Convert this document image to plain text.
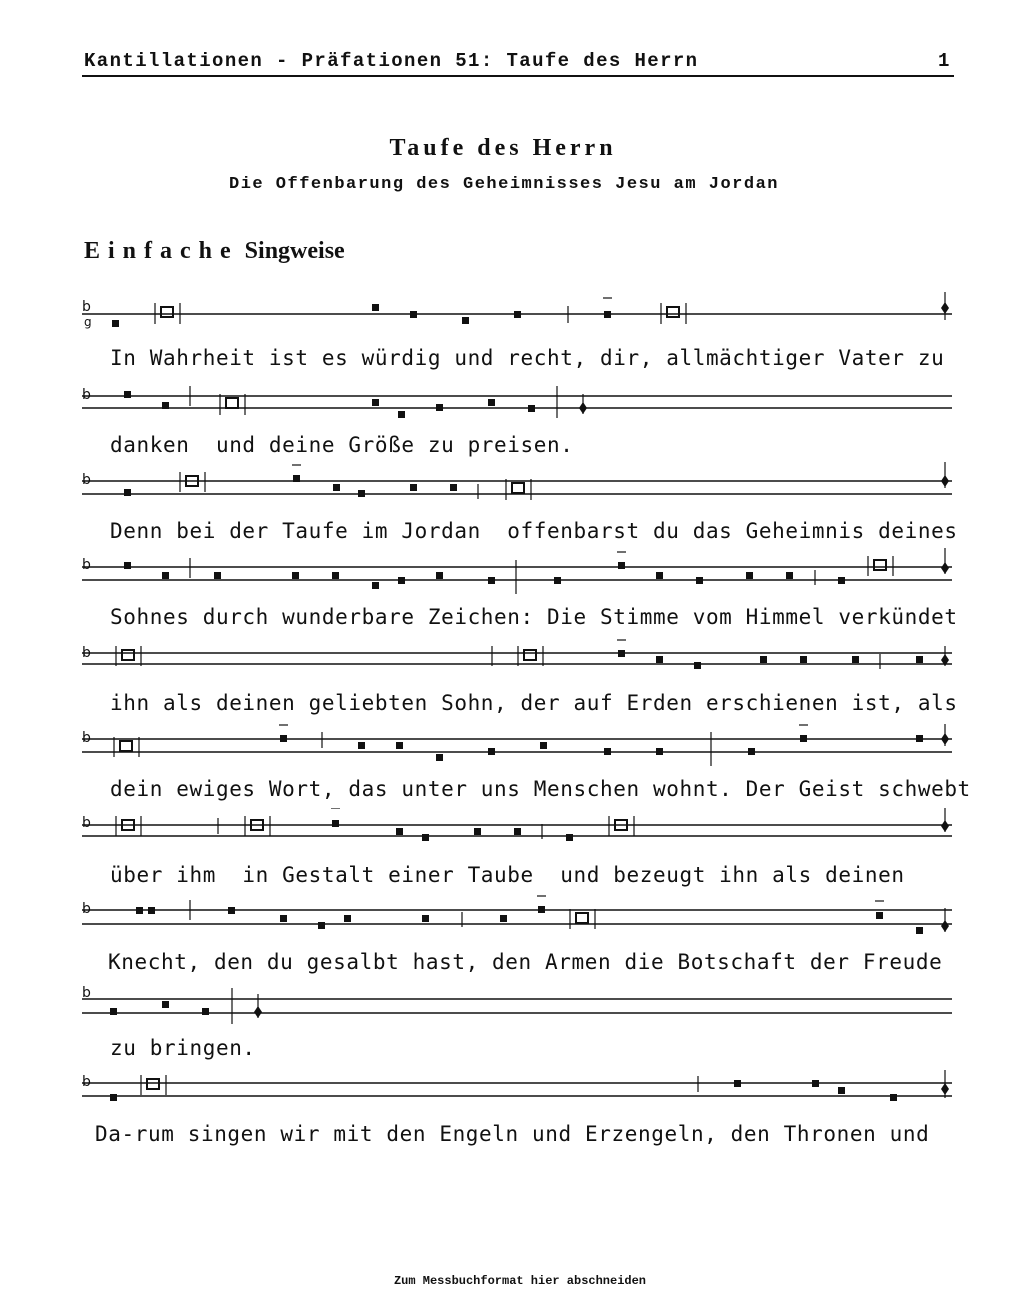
Kantillationen - Präfationen 51: Taufe des Herrn	1
Taufe des Herrn
Die Offenbarung des Geheimnisses Jesu am Jordan
Einfache Singweise
b
g
In Wahrheit ist es würdig und recht, dir, allmächtiger Vater zu
b
danken  und deine Größe zu preisen.
b
Denn bei der Taufe im Jordan  offenbarst du das Geheimnis deines
b
Sohnes durch wunderbare Zeichen: Die Stimme vom Himmel verkündet
b
ihn als deinen geliebten Sohn, der auf Erden erschienen ist, als
b
dein ewiges Wort, das unter uns Menschen wohnt. Der Geist schwebt
b
über ihm  in Gestalt einer Taube  und bezeugt ihn als deinen
b
Knecht, den du gesalbt hast, den Armen die Botschaft der Freude
b
zu bringen.
b
Da-rum singen wir mit den Engeln und Erzengeln, den Thronen und
Zum Messbuchformat hier abschneiden
